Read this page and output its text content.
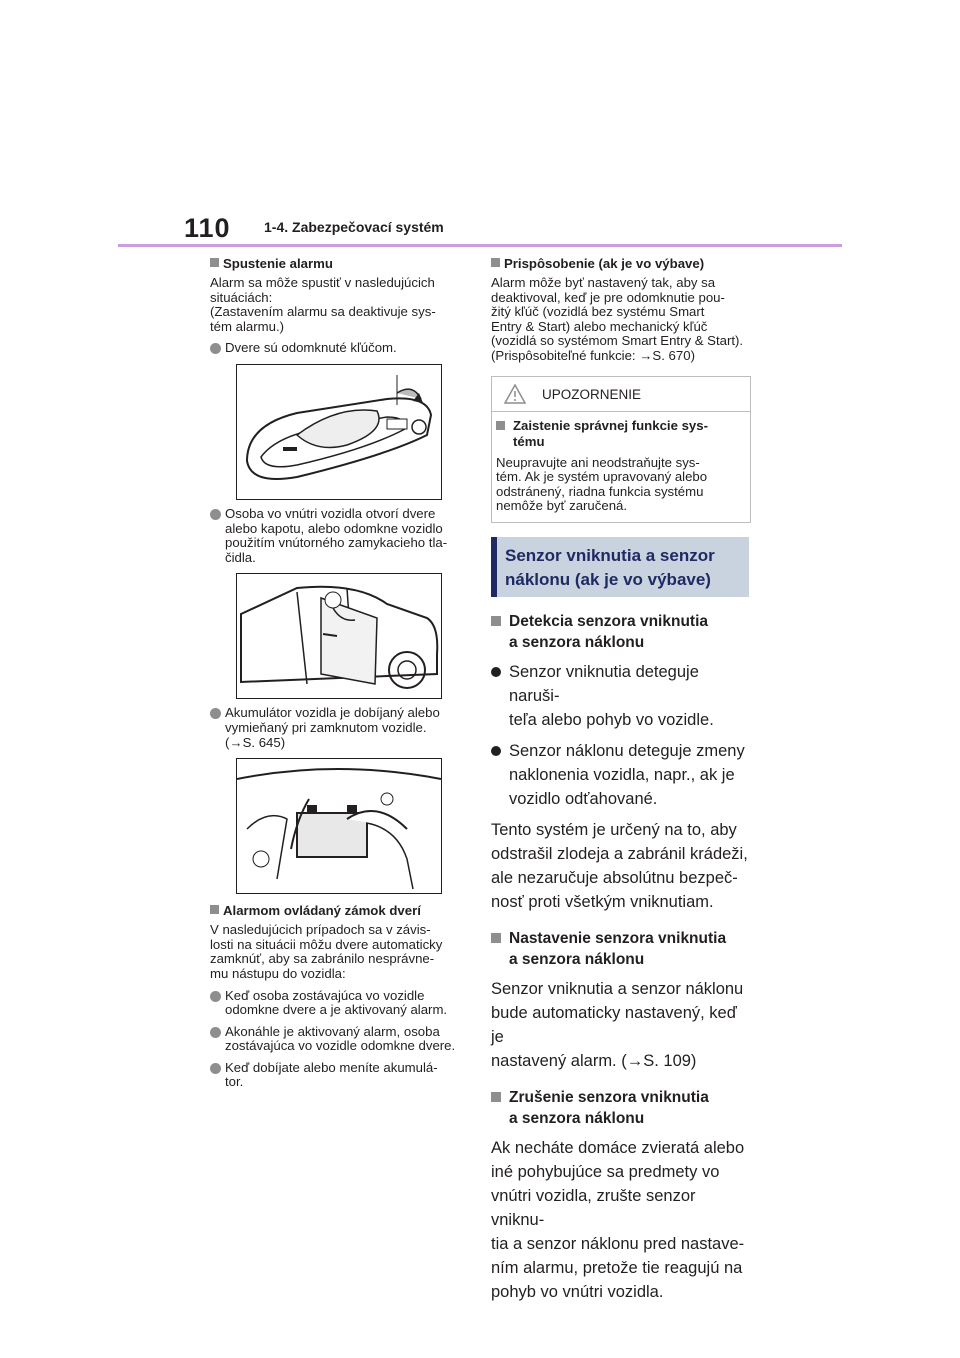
110 1-4. Zabezpečovací systém
Spustenie alarmu
Alarm sa môže spustiť v nasledujúcich
situáciách:
(Zastavením alarmu sa deaktivuje sys-
tém alarmu.)
Dvere sú odomknuté kľúčom.
Osoba vo vnútri vozidla otvorí dvere
alebo kapotu, alebo odomkne vozidlo
použitím vnútorného zamykacieho tla-
čidla.
Akumulátor vozidla je dobíjaný alebo
vymieňaný pri zamknutom vozidle.
(→S. 645)
Alarmom ovládaný zámok dverí
V nasledujúcich prípadoch sa v závis-
losti na situácii môžu dvere automaticky
zamknúť, aby sa zabránilo nesprávne-
mu nástupu do vozidla:
Keď osoba zostávajúca vo vozidle
odomkne dvere a je aktivovaný alarm.
Akonáhle je aktivovaný alarm, osoba
zostávajúca vo vozidle odomkne dvere.
Keď dobíjate alebo meníte akumulá-
tor.
Prispôsobenie (ak je vo výbave)
Alarm môže byť nastavený tak, aby sa
deaktivoval, keď je pre odomknutie pou-
žitý kľúč (vozidlá bez systému Smart
Entry & Start) alebo mechanický kľúč
(vozidlá so systémom Smart Entry & Start).
(Prispôsobiteľné funkcie: →S. 670)
UPOZORNENIE
Zaistenie správnej funkcie sys-
tému
Neupravujte ani neodstraňujte sys-
tém. Ak je systém upravovaný alebo
odstránený, riadna funkcia systému
nemôže byť zaručená.
Senzor vniknutia a senzor
náklonu (ak je vo výbave)
Detekcia senzora vniknutia
a senzora náklonu
Senzor vniknutia deteguje naruši-
teľa alebo pohyb vo vozidle.
Senzor náklonu deteguje zmeny
naklonenia vozidla, napr., ak je
vozidlo odťahované.
Tento systém je určený na to, aby
odstrašil zlodeja a zabránil krádeži,
ale nezaručuje absolútnu bezpeč-
nosť proti všetkým vniknutiam.
Nastavenie senzora vniknutia
a senzora náklonu
Senzor vniknutia a senzor náklonu
bude automaticky nastavený, keď je
nastavený alarm. (→S. 109)
Zrušenie senzora vniknutia
a senzora náklonu
Ak necháte domáce zvieratá alebo
iné pohybujúce sa predmety vo
vnútri vozidla, zrušte senzor vniknu-
tia a senzor náklonu pred nastave-
ním alarmu, pretože tie reagujú na
pohyb vo vnútri vozidla.
